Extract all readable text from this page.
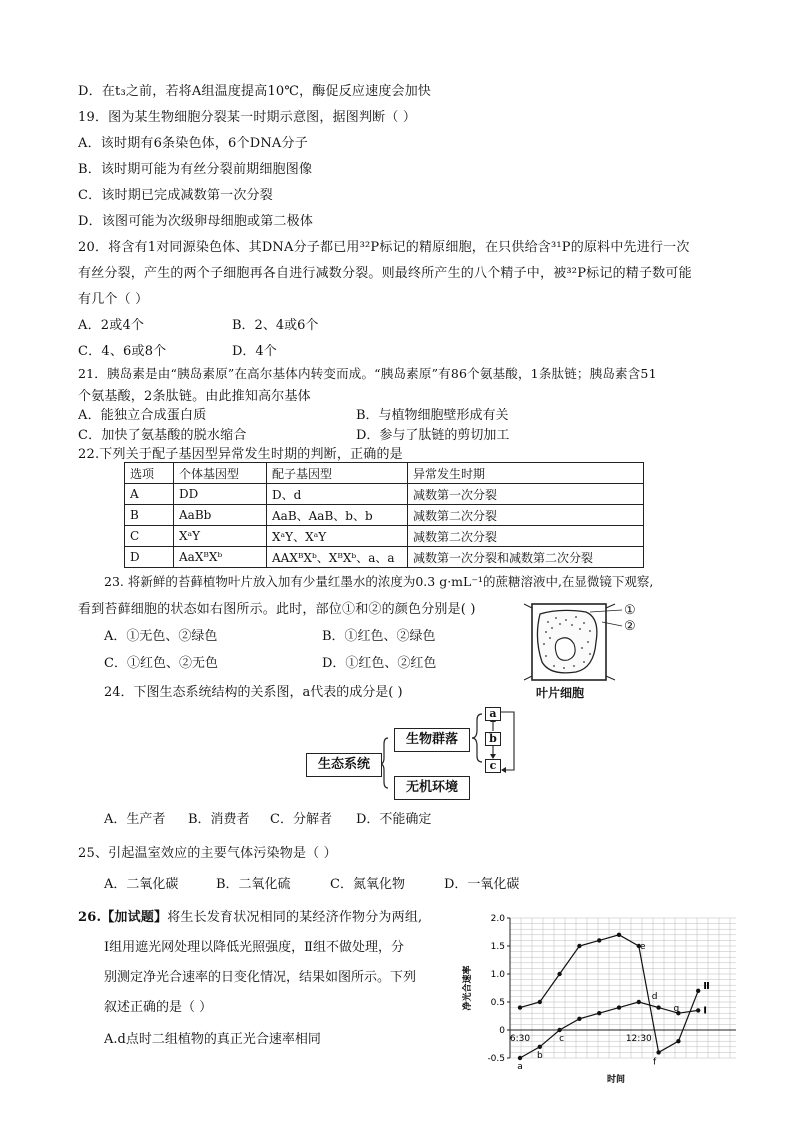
D．在t₃之前，若将A组温度提高10℃，酶促反应速度会加快
19．图为某生物细胞分裂某一时期示意图，据图判断（ ）
A．该时期有6条染色体，6个DNA分子
B．该时期可能为有丝分裂前期细胞图像
C．该时期已完成减数第一次分裂
D．该图可能为次级卵母细胞或第二极体
20．将含有1对同源染色体、其DNA分子都已用³²P标记的精原细胞，在只供给含³¹P的原料中先进行一次
有丝分裂，产生的两个子细胞再各自进行减数分裂。则最终所产生的八个精子中，被³²P标记的精子数可能
有几个（ ）
A．2或4个	B．2、4或6个
C．4、6或8个	D．4个
21．胰岛素是由“胰岛素原”在高尔基体内转变而成。“胰岛素原”有86个氨基酸，1条肽链；胰岛素含51
个氨基酸，2条肽链。由此推知高尔基体
A．能独立合成蛋白质	B．与植物细胞壁形成有关
C．加快了氨基酸的脱水缩合	D．参与了肽链的剪切加工
22.下列关于配子基因型异常发生时期的判断，正确的是
选项	个体基因型	配子基因型	异常发生时期
A	DD	D、d	减数第一次分裂
B	AaBb	AaB、AaB、b、b	减数第二次分裂
C	XᵃY	XᵃY、XᵃY	减数第二次分裂
D	AaXᴮXᵇ	AAXᴮXᵇ、XᴮXᵇ、a、a	减数第一次分裂和减数第二次分裂
23. 将新鲜的苔藓植物叶片放入加有少量红墨水的浓度为0.3 g·mL⁻¹的蔗糖溶液中,在显微镜下观察,
看到苔藓细胞的状态如右图所示。此时，部位①和②的颜色分别是( )
A．①无色、②绿色	B．①红色、②绿色
C．①红色、②无色	D．①红色、②红色
①
②
叶片细胞
24．下图生态系统结构的关系图，a代表的成分是( )
生态系统
生物群落
无机环境
a
b
c
A．生产者 B．消费者 C．分解者 D．不能确定
25、引起温室效应的主要气体污染物是（ ）
A．二氧化碳	B．二氧化硫	C．氮氧化物	D．一氧化碳
26.【加试题】将生长发育状况相同的某经济作物分为两组,
Ⅰ组用遮光网处理以降低光照强度，Ⅱ组不做处理，分
别测定净光合速率的日变化情况，结果如图所示。下列
叙述正确的是（ ）
A.d点时二组植物的真正光合速率相同
2.0
1.5
1.0
0.5
0
-0.5
6:30	12:30
Ⅱ
Ⅰ
a
b
c
d
e
f
g
净光合速率
时间
